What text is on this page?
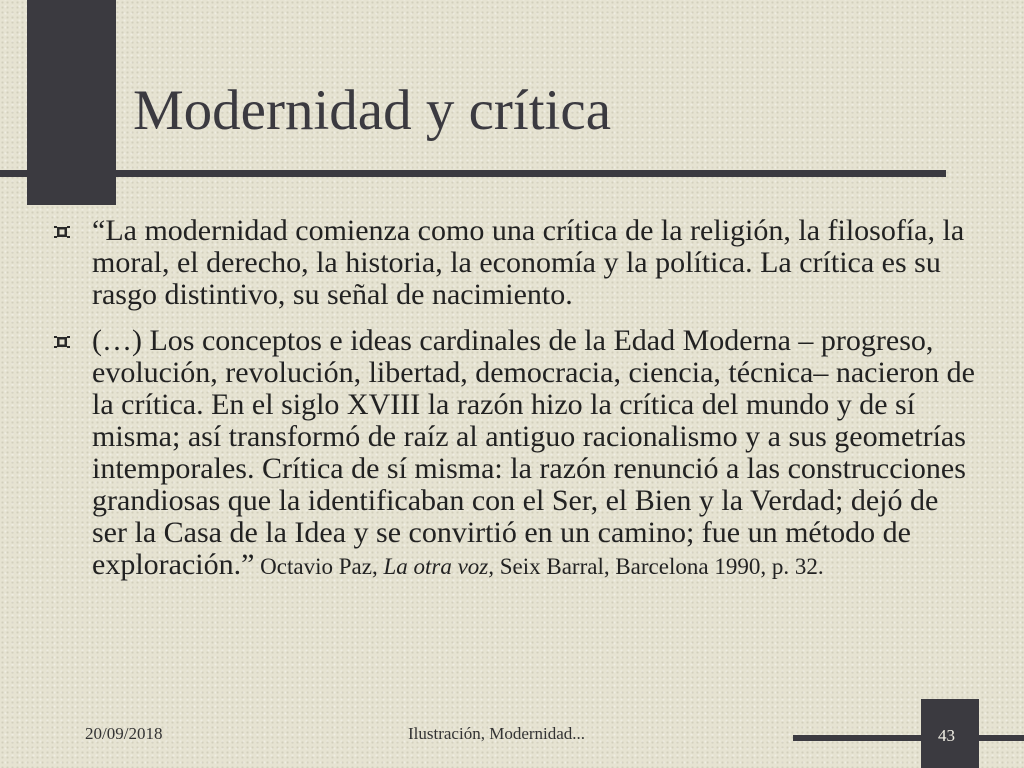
Modernidad y crítica
“La modernidad comienza como una crítica de la religión, la filosofía, la moral, el derecho, la historia, la economía y la política. La crítica es su rasgo distintivo, su señal de nacimiento.
(…) Los conceptos e ideas cardinales de la Edad Moderna – progreso, evolución, revolución, libertad, democracia, ciencia, técnica– nacieron de la crítica. En el siglo XVIII la razón hizo la crítica del mundo y de sí misma; así transformó de raíz al antiguo racionalismo y a sus geometrías intemporales. Crítica de sí misma: la razón renunció a las construcciones grandiosas que la identificaban con el Ser, el Bien y la Verdad; dejó de ser la Casa de la Idea y se convirtió en un camino; fue un método de exploración.” Octavio Paz, La otra voz, Seix Barral, Barcelona 1990, p. 32.
20/09/2018	Ilustración, Modernidad...	43
